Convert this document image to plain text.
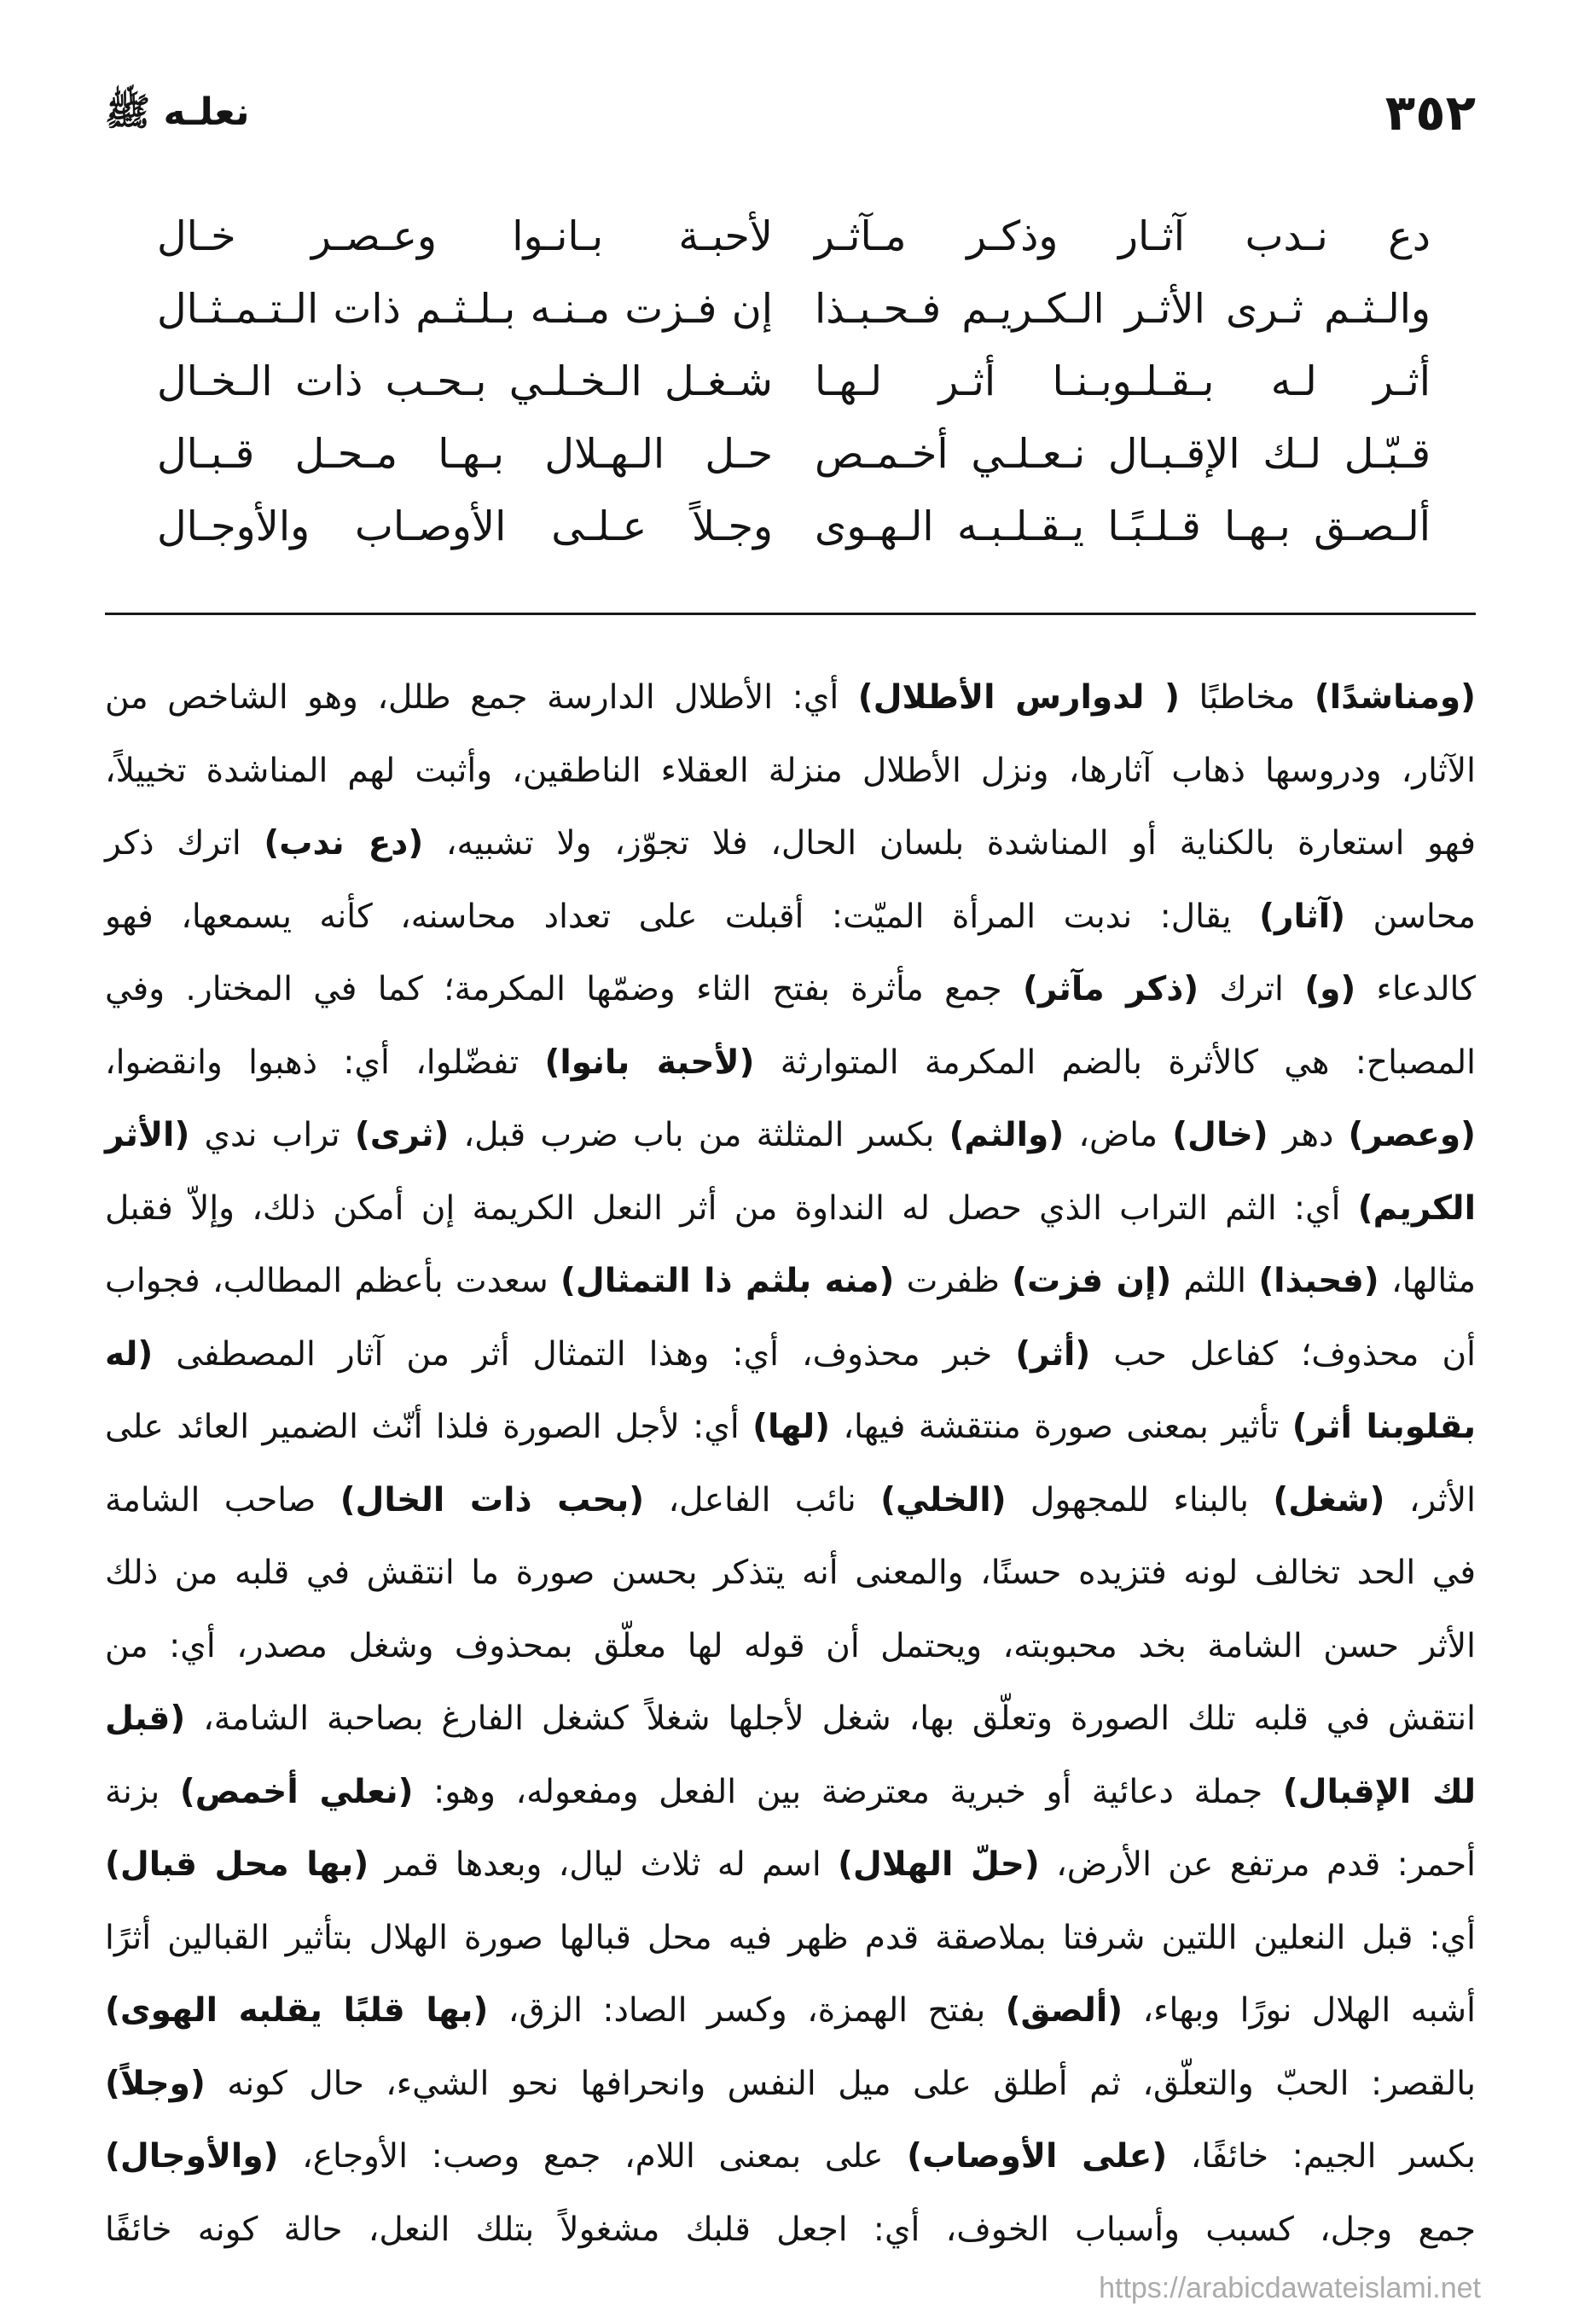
٣٥٢
نعلـه ﷺ
دع نـدب آثـار وذكـر مـآثـر
لأحبـة بـانـوا وعـصـر خـال
والـثـم ثـرى الأثـر الـكـريـم فـحـبـذا
إن فـزت مـنـه بـلـثـم ذات الـتـمـثـال
أثـر لـه بـقـلـوبـنـا أثـر لـهـا
شـغـل الـخـلـي بـحـب ذات الـخـال
قـبّـل لـك الإقـبـال نـعـلـي أخـمـص
حـل الـهـلال بـهـا مـحـل قـبـال
ألـصـق بـهـا قـلـبًـا يـقـلـبـه الـهـوى
وجـلاً عـلـى الأوصـاب والأوجـال
(ومناشدًا) مخاطبًا ( لدوارس الأطلال) أي: الأطلال الدارسة جمع طلل، وهو الشاخص من
الآثار، ودروسها ذهاب آثارها، ونزل الأطلال منزلة العقلاء الناطقين، وأثبت لهم المناشدة تخييلاً،
فهو استعارة بالكناية أو المناشدة بلسان الحال، فلا تجوّز، ولا تشبيه، (دع ندب) اترك ذكر
محاسن (آثار) يقال: ندبت المرأة الميّت: أقبلت على تعداد محاسنه، كأنه يسمعها، فهو
كالدعاء (و) اترك (ذكر مآثر) جمع مأثرة بفتح الثاء وضمّها المكرمة؛ كما في المختار. وفي
المصباح: هي كالأثرة بالضم المكرمة المتوارثة (لأحبة بانوا) تفضّلوا، أي: ذهبوا وانقضوا،
(وعصر) دهر (خال) ماض، (والثم) بكسر المثلثة من باب ضرب قبل، (ثرى) تراب ندي (الأثر
الكريم) أي: الثم التراب الذي حصل له النداوة من أثر النعل الكريمة إن أمكن ذلك، وإلاّ فقبل
مثالها، (فحبذا) اللثم (إن فزت) ظفرت (منه بلثم ذا التمثال) سعدت بأعظم المطالب، فجواب
أن محذوف؛ كفاعل حب (أثر) خبر محذوف، أي: وهذا التمثال أثر من آثار المصطفى (له
بقلوبنا أثر) تأثير بمعنى صورة منتقشة فيها، (لها) أي: لأجل الصورة فلذا أنّث الضمير العائد على
الأثر، (شغل) بالبناء للمجهول (الخلي) نائب الفاعل، (بحب ذات الخال) صاحب الشامة
في الحد تخالف لونه فتزيده حسنًا، والمعنى أنه يتذكر بحسن صورة ما انتقش في قلبه من ذلك
الأثر حسن الشامة بخد محبوبته، ويحتمل أن قوله لها معلّق بمحذوف وشغل مصدر، أي: من
انتقش في قلبه تلك الصورة وتعلّق بها، شغل لأجلها شغلاً كشغل الفارغ بصاحبة الشامة، (قبل
لك الإقبال) جملة دعائية أو خبرية معترضة بين الفعل ومفعوله، وهو: (نعلي أخمص) بزنة
أحمر: قدم مرتفع عن الأرض، (حلّ الهلال) اسم له ثلاث ليال، وبعدها قمر (بها محل قبال)
أي: قبل النعلين اللتين شرفتا بملاصقة قدم ظهر فيه محل قبالها صورة الهلال بتأثير القبالين أثرًا
أشبه الهلال نورًا وبهاء، (ألصق) بفتح الهمزة، وكسر الصاد: الزق، (بها قلبًا يقلبه الهوى)
بالقصر: الحبّ والتعلّق، ثم أطلق على ميل النفس وانحرافها نحو الشيء، حال كونه (وجلاً)
بكسر الجيم: خائفًا، (على الأوصاب) على بمعنى اللام، جمع وصب: الأوجاع، (والأوجال)
جمع وجل، كسبب وأسباب الخوف، أي: اجعل قلبك مشغولاً بتلك النعل، حالة كونه خائفًا
https://arabicdawateislami.net
